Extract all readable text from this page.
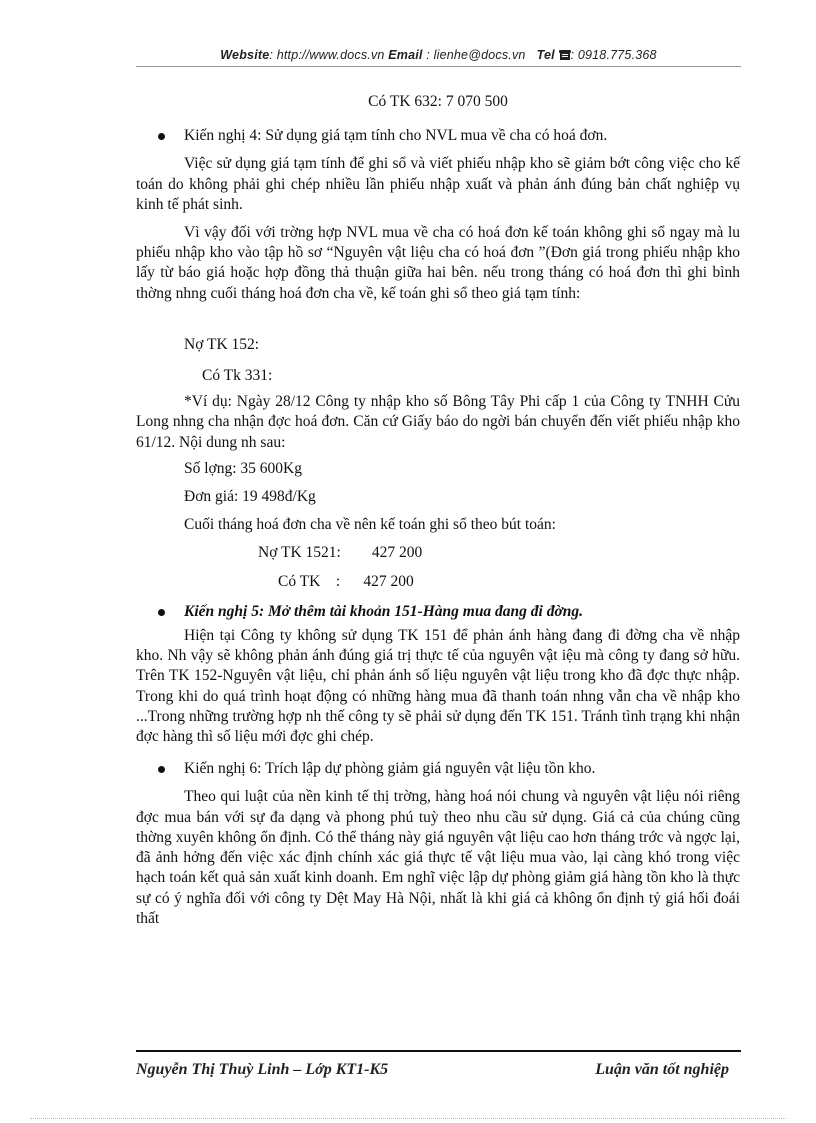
Website: http://www.docs.vn Email : lienhe@docs.vn Tel : 0918.775.368

Có TK 632: 7 070 500

Kiến nghị 4: Sử dụng giá tạm tính cho NVL mua về cha có hoá đơn.

Việc sử dụng giá tạm tính để ghi sổ và viết phiếu nhập kho sẽ giảm bớt công việc cho kế toán do không phải ghi chép nhiều lần phiếu nhập xuất và phản ánh đúng bản chất nghiệp vụ kinh tế phát sinh.

Vì vậy đối với trờng hợp NVL mua về cha có hoá đơn kế toán không ghi sổ ngay mà lu phiếu nhập kho vào tập hồ sơ “Nguyên vật liệu cha có hoá đơn ”(Đơn giá trong phiếu nhập kho lấy từ báo giá hoặc hợp đồng thả thuận giữa hai bên. nếu trong tháng có hoá đơn thì ghi bình thờng nhng cuối tháng hoá đơn cha về, kế toán ghi sổ theo giá tạm tính:

Nợ TK 152:

Có Tk 331:

*Ví dụ: Ngày 28/12 Công ty nhập kho số Bông Tây Phi cấp 1 của Công ty TNHH Cửu Long nhng cha nhận đợc hoá đơn. Căn cứ Giấy báo do ngời bán chuyển đến viết phiếu nhập kho 61/12. Nội dung nh sau:

Số lợng: 35 600Kg

Đơn giá: 19 498đ/Kg

Cuối tháng hoá đơn cha về nên kế toán ghi sổ theo bút toán:

Nợ TK 1521:        427 200

Có TK    :      427 200

Kiến nghị 5: Mở thêm tài khoản 151-Hàng mua đang đi đờng.

Hiện tại Công ty không sử dụng TK 151 để phản ánh hàng đang đi đờng cha về nhập kho. Nh vậy sẽ không phản ánh đúng giá trị thực tế của nguyên vật iệu mà công ty đang sở hữu. Trên TK 152-Nguyên vật liệu, chỉ phản ánh số liệu nguyên vật liệu trong kho đã đợc thực nhập. Trong khi do quá trình hoạt động có những hàng mua đã thanh toán nhng vẫn cha về nhập kho ...Trong những trường hợp nh thế công ty sẽ phải sử dụng đến TK 151. Tránh tình trạng khi nhận đợc hàng thì số liệu mới đợc ghi chép.

Kiến nghị 6: Trích lập dự phòng giảm giá nguyên vật liệu tồn kho.

Theo qui luật của nền kinh tế thị trờng, hàng hoá nói chung và nguyên vật liệu nói riêng đợc mua bán với sự đa dạng và phong phú tuỳ theo nhu cầu sử dụng. Giá cả của chúng cũng thờng xuyên không ổn định. Có thể tháng này giá nguyên vật liệu cao hơn tháng trớc và ngợc lại, đã ảnh hởng đến việc xác định chính xác giá thực tế vật liệu mua vào, lại càng khó trong việc hạch toán kết quả sản xuất kinh doanh. Em nghĩ việc lập dự phòng giảm giá hàng tồn kho là thực sự có ý nghĩa đối với công ty Dệt May Hà Nội, nhất là khi giá cả không ổn định tỷ giá hối đoái thất

Nguyễn Thị Thuỳ Linh – Lớp KT1-K5	Luận văn tốt nghiệp
